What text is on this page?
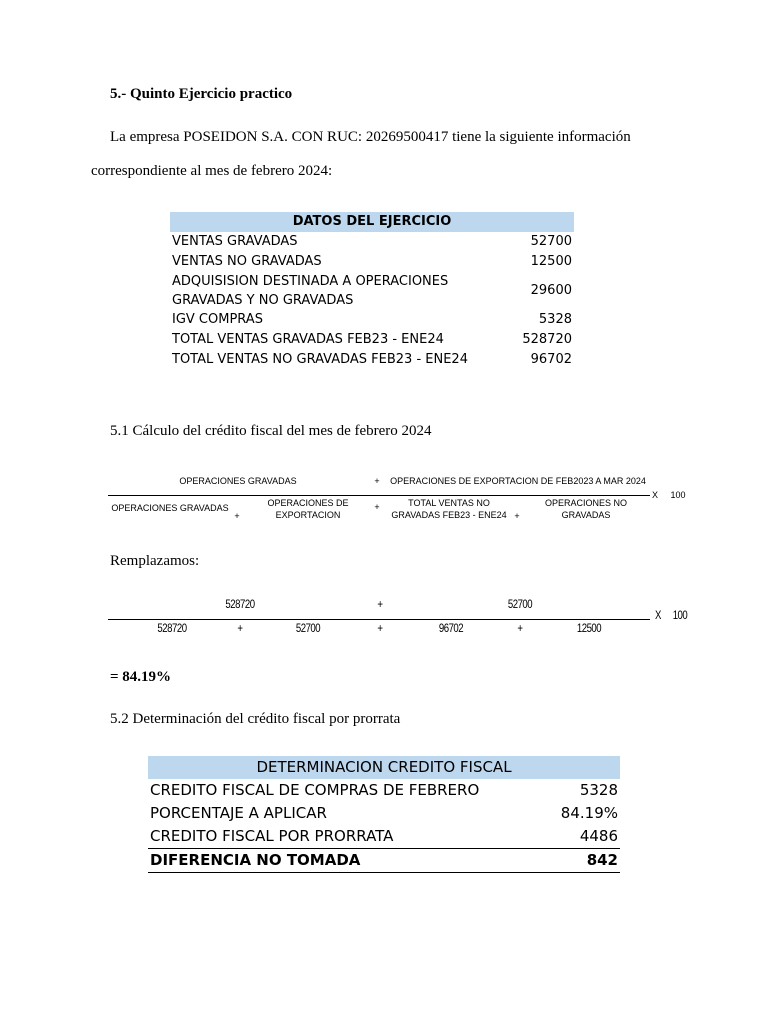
5.- Quinto Ejercicio practico
La empresa POSEIDON S.A. CON RUC: 20269500417 tiene la siguiente información
correspondiente al mes de febrero 2024:
DATOS DEL EJERCICIO	
VENTAS GRAVADAS	52700
VENTAS NO GRAVADAS	12500

ADQUISISION DESTINADA A OPERACIONES
GRAVADAS Y NO GRAVADAS	29600
IGV COMPRAS	5328
TOTAL VENTAS GRAVADAS FEB23 - ENE24	528720
TOTAL VENTAS NO GRAVADAS FEB23 - ENE24	96702
5.1 Cálculo del crédito fiscal del mes de febrero 2024
OPERACIONES GRAVADAS	+ OPERACIONES DE EXPORTACION DE FEB2023 A MAR 2024
X	100
OPERACIONES GRAVADAS
+
OPERACIONES DE
EXPORTACION
+	TOTAL VENTAS NO
GRAVADAS FEB23 - ENE24 +
OPERACIONES NO
GRAVADAS
Remplazamos:
528720	+	52700
X 100
528720	+	52700	+	96702	+	12500
= 84.19%
5.2 Determinación del crédito fiscal por prorrata
DETERMINACION CREDITO FISCAL	
CREDITO FISCAL DE COMPRAS DE FEBRERO	5328
PORCENTAJE A APLICAR	84.19%
CREDITO FISCAL POR PRORRATA	4486
DIFERENCIA NO TOMADA	842
